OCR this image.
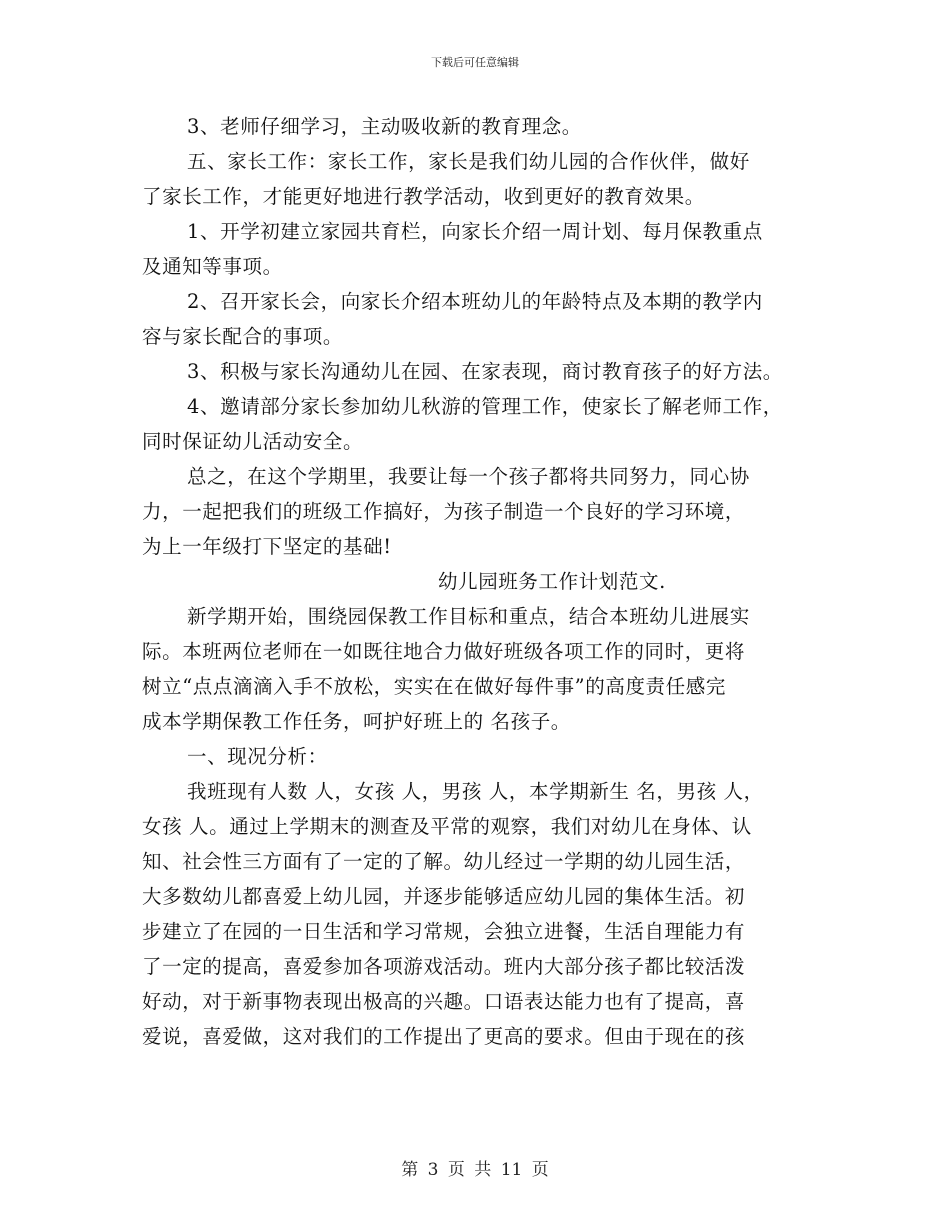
下载后可任意编辑
3、老师仔细学习，主动吸收新的教育理念。
五、家长工作：家长工作，家长是我们幼儿园的合作伙伴，做好
了家长工作，才能更好地进行教学活动，收到更好的教育效果。
1、开学初建立家园共育栏，向家长介绍一周计划、每月保教重点
及通知等事项。
2、召开家长会，向家长介绍本班幼儿的年龄特点及本期的教学内
容与家长配合的事项。
3、积极与家长沟通幼儿在园、在家表现，商讨教育孩子的好方法。
4、邀请部分家长参加幼儿秋游的管理工作，使家长了解老师工作，
同时保证幼儿活动安全。
总之，在这个学期里，我要让每一个孩子都将共同努力，同心协
力，一起把我们的班级工作搞好，为孩子制造一个良好的学习环境，
为上一年级打下坚定的基础!
幼儿园班务工作计划范文.
新学期开始，围绕园保教工作目标和重点，结合本班幼儿进展实
际。本班两位老师在一如既往地合力做好班级各项工作的同时，更将
树立“点点滴滴入手不放松，实实在在做好每件事”的高度责任感完
成本学期保教工作任务，呵护好班上的 名孩子。
一、现况分析：
我班现有人数 人，女孩 人，男孩 人，本学期新生 名，男孩 人，
女孩 人。通过上学期末的测查及平常的观察，我们对幼儿在身体、认
知、社会性三方面有了一定的了解。幼儿经过一学期的幼儿园生活，
大多数幼儿都喜爱上幼儿园，并逐步能够适应幼儿园的集体生活。初
步建立了在园的一日生活和学习常规，会独立进餐，生活自理能力有
了一定的提高，喜爱参加各项游戏活动。班内大部分孩子都比较活泼
好动，对于新事物表现出极高的兴趣。口语表达能力也有了提高，喜
爱说，喜爱做，这对我们的工作提出了更高的要求。但由于现在的孩
第 3 页 共 11 页
